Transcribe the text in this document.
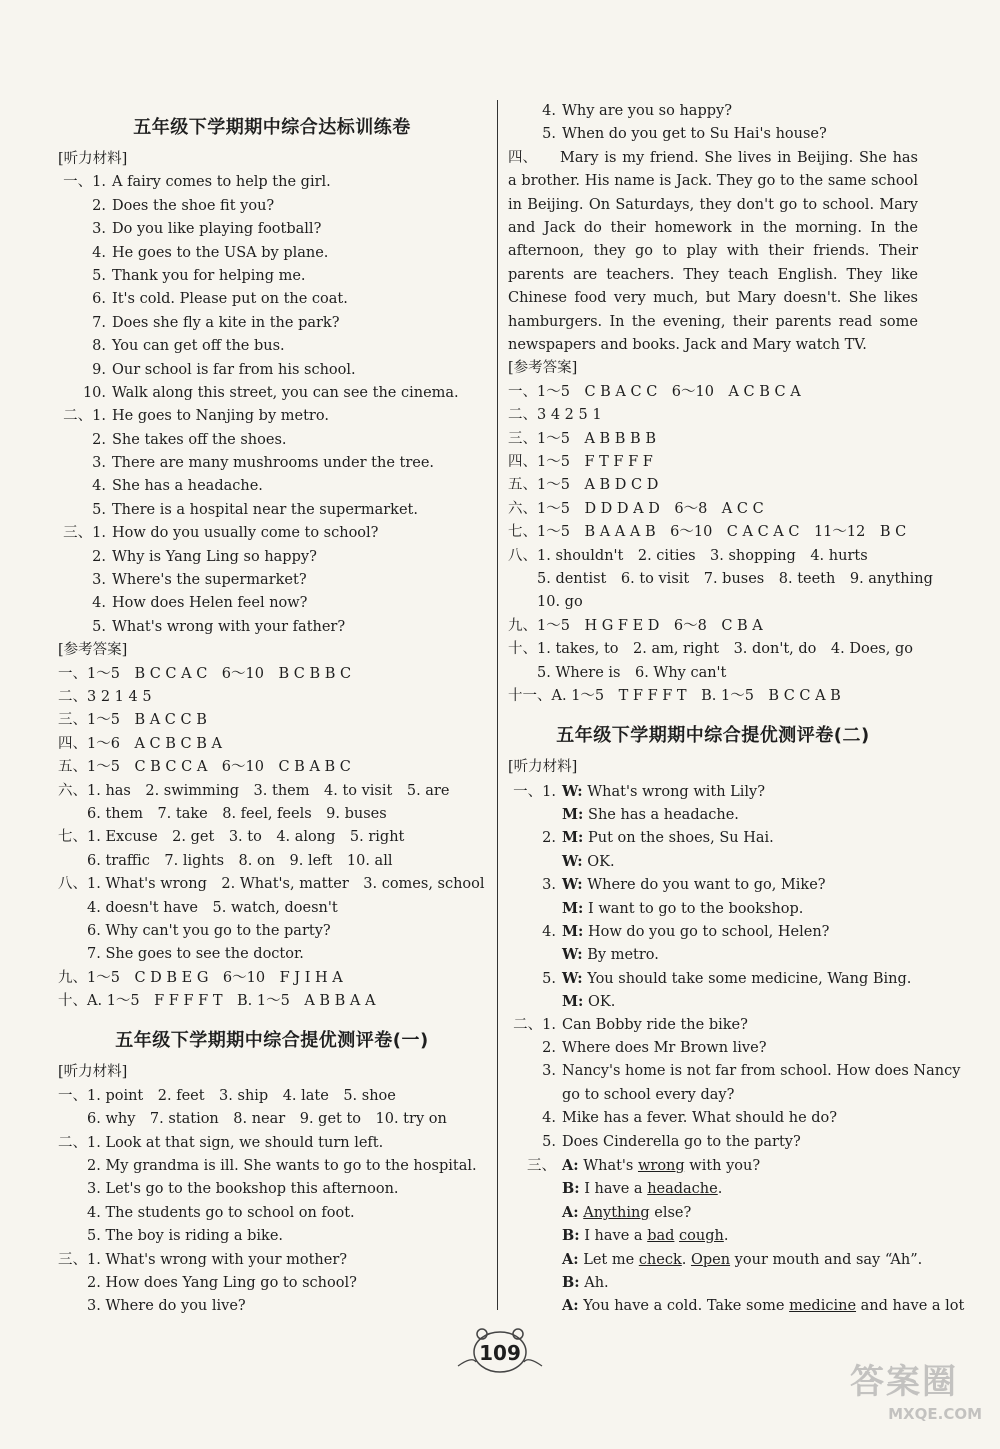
五年级下学期期中综合达标训练卷
[听力材料]
一、1. A fairy comes to help the girl.
2. Does the shoe fit you?
3. Do you like playing football?
4. He goes to the USA by plane.
5. Thank you for helping me.
6. It's cold. Please put on the coat.
7. Does she fly a kite in the park?
8. You can get off the bus.
9. Our school is far from his school.
10. Walk along this street, you can see the cinema.
二、1. He goes to Nanjing by metro.
2. She takes off the shoes.
3. There are many mushrooms under the tree.
4. She has a headache.
5. There is a hospital near the supermarket.
三、1. How do you usually come to school?
2. Why is Yang Ling so happy?
3. Where's the supermarket?
4. How does Helen feel now?
5. What's wrong with your father?
[参考答案]
一、1～5　B C C A C　6～10　B C B B C
二、3 2 1 4 5
三、1～5　B A C C B
四、1～6　A C B C B A
五、1～5　C B C C A　6～10　C B A B C
六、1. has　2. swimming　3. them　4. to visit　5. are
　　6. them　7. take　8. feel, feels　9. buses
七、1. Excuse　2. get　3. to　4. along　5. right
　　6. traffic　7. lights　8. on　9. left　10. all
八、1. What's wrong　2. What's, matter　3. comes, school
　　4. doesn't have　5. watch, doesn't
　　6. Why can't you go to the party?
　　7. She goes to see the doctor.
九、1～5　C D B E G　6～10　F J I H A
十、A. 1～5　F F F F T　B. 1～5　A B B A A
五年级下学期期中综合提优测评卷(一)
[听力材料]
一、1. point　2. feet　3. ship　4. late　5. shoe
　　6. why　7. station　8. near　9. get to　10. try on
二、1. Look at that sign, we should turn left.
　　2. My grandma is ill. She wants to go to the hospital.
　　3. Let's go to the bookshop this afternoon.
　　4. The students go to school on foot.
　　5. The boy is riding a bike.
三、1. What's wrong with your mother?
　　2. How does Yang Ling go to school?
　　3. Where do you live?
4. Why are you so happy?
5. When do you get to Su Hai's house?

四、 Mary is my friend. She lives in Beijing. She has a brother. His name is Jack. They go to the same school in Beijing. On Saturdays, they don't go to school. Mary and Jack do their homework in the morning. In the afternoon, they go to play with their friends. Their parents are teachers. They teach English. They like Chinese food very much, but Mary doesn't. She likes hamburgers. In the evening, their parents read some newspapers and books. Jack and Mary watch TV.

[参考答案]
一、1～5　C B A C C　6～10　A C B C A
二、3 4 2 5 1
三、1～5　A B B B B
四、1～5　F T F F F
五、1～5　A B D C D
六、1～5　D D D A D　6～8　A C C
七、1～5　B A A A B　6～10　C A C A C　11～12　B C
八、1. shouldn't　2. cities　3. shopping　4. hurts
　　5. dentist　6. to visit　7. buses　8. teeth　9. anything
　　10. go
九、1～5　H G F E D　6～8　C B A
十、1. takes, to　2. am, right　3. don't, do　4. Does, go
　　5. Where is　6. Why can't
十一、A. 1～5　T F F F T　B. 1～5　B C C A B
五年级下学期期中综合提优测评卷(二)
[听力材料]
一、1. W: What's wrong with Lily?
M: She has a headache.
2. M: Put on the shoes, Su Hai.
W: OK.
3. W: Where do you want to go, Mike?
M: I want to go to the bookshop.
4. M: How do you go to school, Helen?
W: By metro.
5. W: You should take some medicine, Wang Bing.
M: OK.
二、1. Can Bobby ride the bike?
2. Where does Mr Brown live?
3. Nancy's home is not far from school. How does Nancy
go to school every day?
4. Mike has a fever. What should he do?
5. Does Cinderella go to the party?
三、 A: What's wrong with you?
B: I have a headache.
A: Anything else?
B: I have a bad cough.
A: Let me check. Open your mouth and say “Ah”.
B: Ah.
A: You have a cold. Take some medicine and have a lot
109
答案圈
MXQE.COM
